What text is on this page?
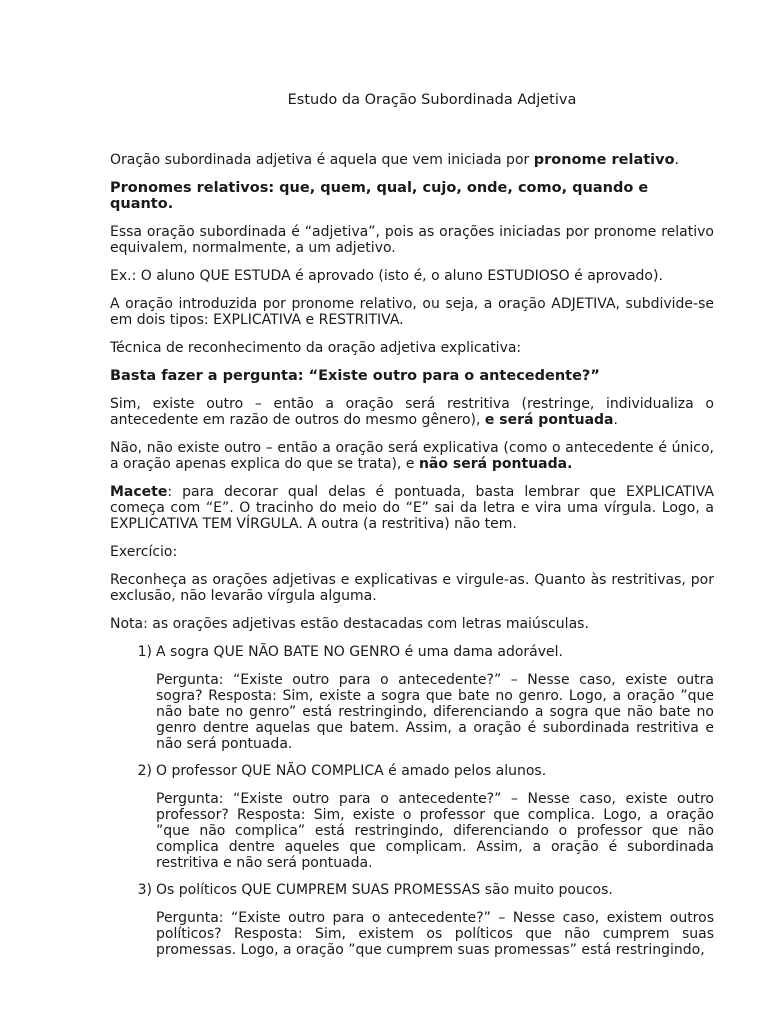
Estudo da Oração Subordinada Adjetiva

Oração subordinada adjetiva é aquela que vem iniciada por pronome relativo.

Pronomes relativos: que, quem, qual, cujo, onde, como, quando e quanto.

Essa oração subordinada é “adjetiva”, pois as orações iniciadas por pronome relativo equivalem, normalmente, a um adjetivo.

Ex.: O aluno QUE ESTUDA é aprovado (isto é, o aluno ESTUDIOSO é aprovado).

A oração introduzida por pronome relativo, ou seja, a oração ADJETIVA, subdivide-se em dois tipos: EXPLICATIVA e RESTRITIVA.

Técnica de reconhecimento da oração adjetiva explicativa:

Basta fazer a pergunta: “Existe outro para o antecedente?”

Sim, existe outro – então a oração será restritiva (restringe, individualiza o antecedente em razão de outros do mesmo gênero), e será pontuada.

Não, não existe outro – então a oração será explicativa (como o antecedente é único, a oração apenas explica do que se trata), e não será pontuada.

Macete: para decorar qual delas é pontuada, basta lembrar que EXPLICATIVA começa com “E”. O tracinho do meio do “E” sai da letra e vira uma vírgula. Logo, a EXPLICATIVA TEM VÍRGULA. A outra (a restritiva) não tem.

Exercício:

Reconheça as orações adjetivas e explicativas e virgule-as. Quanto às restritivas, por exclusão, não levarão vírgula alguma.

Nota: as orações adjetivas estão destacadas com letras maiúsculas.

1) A sogra QUE NÃO BATE NO GENRO é uma dama adorável.
Pergunta: “Existe outro para o antecedente?” – Nesse caso, existe outra sogra? Resposta: Sim, existe a sogra que bate no genro. Logo, a oração ”que não bate no genro” está restringindo, diferenciando a sogra que não bate no genro dentre aquelas que batem. Assim, a oração é subordinada restritiva e não será pontuada.
2) O professor QUE NÃO COMPLICA é amado pelos alunos.
Pergunta: “Existe outro para o antecedente?” – Nesse caso, existe outro professor? Resposta: Sim, existe o professor que complica. Logo, a oração ”que não complica” está restringindo, diferenciando o professor que não complica dentre aqueles que complicam. Assim, a oração é subordinada restritiva e não será pontuada.
3) Os políticos QUE CUMPREM SUAS PROMESSAS são muito poucos.
Pergunta: “Existe outro para o antecedente?” – Nesse caso, existem outros políticos? Resposta: Sim, existem os políticos que não cumprem suas promessas. Logo, a oração ”que cumprem suas promessas” está restringindo,
